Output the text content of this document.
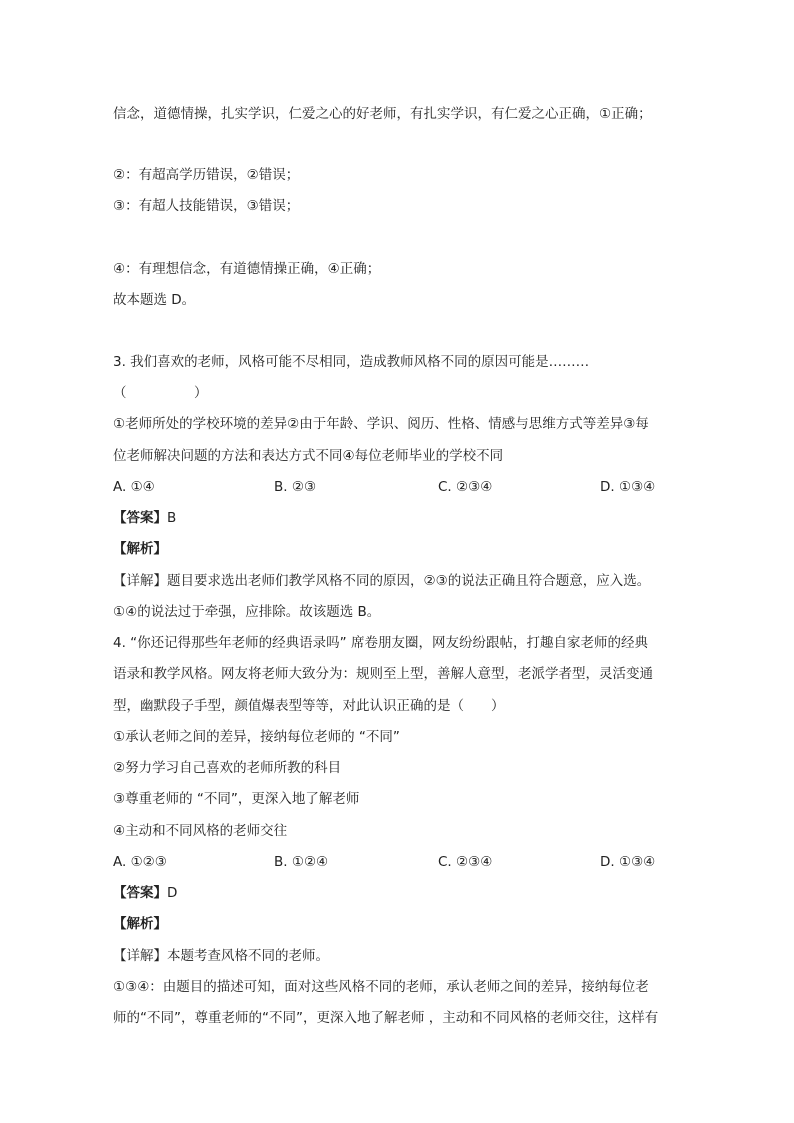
信念，道德情操，扎实学识，仁爱之心的好老师，有扎实学识，有仁爱之心正确，①正确；
②：有超高学历错误，②错误；
③：有超人技能错误，③错误；
④：有理想信念，有道德情操正确，④正确；
故本题选 D。
3. 我们喜欢的老师，风格可能不尽相同，造成教师风格不同的原因可能是………
（　　　　　）
①老师所处的学校环境的差异②由于年龄、学识、阅历、性格、情感与思维方式等差异③每
位老师解决问题的方法和表达方式不同④每位老师毕业的学校不同
A. ①④	B. ②③	C. ②③④	D. ①③④
【答案】B
【解析】
【详解】题目要求选出老师们教学风格不同的原因，②③的说法正确且符合题意，应入选。
①④的说法过于牵强，应排除。故该题选 B。
4. “你还记得那些年老师的经典语录吗” 席卷朋友圈，网友纷纷跟帖，打趣自家老师的经典
语录和教学风格。网友将老师大致分为：规则至上型，善解人意型，老派学者型，灵活变通
型，幽默段子手型，颜值爆表型等等，对此认识正确的是（　　）
①承认老师之间的差异，接纳每位老师的 “不同”
②努力学习自己喜欢的老师所教的科目
③尊重老师的 “不同”，更深入地了解老师
④主动和不同风格的老师交往
A. ①②③	B. ①②④	C. ②③④	D. ①③④
【答案】D
【解析】
【详解】本题考查风格不同的老师。
①③④：由题目的描述可知，面对这些风格不同的老师，承认老师之间的差异，接纳每位老
师的“不同”，尊重老师的“不同”，更深入地了解老师 ，主动和不同风格的老师交往，这样有
